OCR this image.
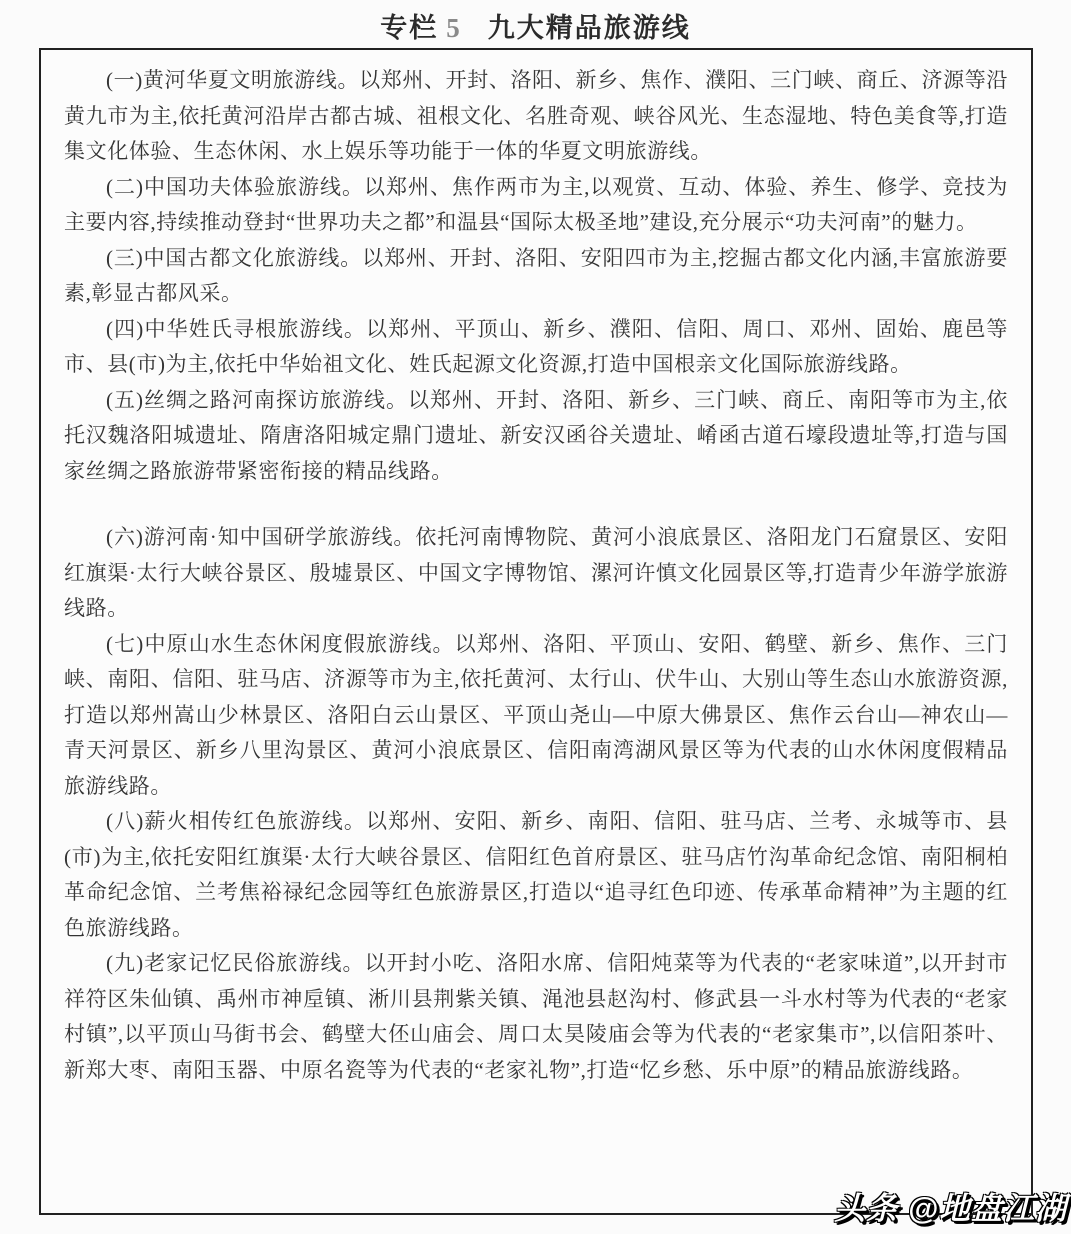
专栏 5 九大精品旅游线

(一)黄河华夏文明旅游线。以郑州、开封、洛阳、新乡、焦作、濮阳、三门峡、商丘、济源等沿黄九市为主,依托黄河沿岸古都古城、祖根文化、名胜奇观、峡谷风光、生态湿地、特色美食等,打造集文化体验、生态休闲、水上娱乐等功能于一体的华夏文明旅游线。

(二)中国功夫体验旅游线。以郑州、焦作两市为主,以观赏、互动、体验、养生、修学、竞技为主要内容,持续推动登封“世界功夫之都”和温县“国际太极圣地”建设,充分展示“功夫河南”的魅力。

(三)中国古都文化旅游线。以郑州、开封、洛阳、安阳四市为主,挖掘古都文化内涵,丰富旅游要素,彰显古都风采。

(四)中华姓氏寻根旅游线。以郑州、平顶山、新乡、濮阳、信阳、周口、邓州、固始、鹿邑等市、县(市)为主,依托中华始祖文化、姓氏起源文化资源,打造中国根亲文化国际旅游线路。

(五)丝绸之路河南探访旅游线。以郑州、开封、洛阳、新乡、三门峡、商丘、南阳等市为主,依托汉魏洛阳城遗址、隋唐洛阳城定鼎门遗址、新安汉函谷关遗址、崤函古道石壕段遗址等,打造与国家丝绸之路旅游带紧密衔接的精品线路。

(六)游河南·知中国研学旅游线。依托河南博物院、黄河小浪底景区、洛阳龙门石窟景区、安阳红旗渠·太行大峡谷景区、殷墟景区、中国文字博物馆、漯河许慎文化园景区等,打造青少年游学旅游线路。

(七)中原山水生态休闲度假旅游线。以郑州、洛阳、平顶山、安阳、鹤壁、新乡、焦作、三门峡、南阳、信阳、驻马店、济源等市为主,依托黄河、太行山、伏牛山、大别山等生态山水旅游资源,打造以郑州嵩山少林景区、洛阳白云山景区、平顶山尧山—中原大佛景区、焦作云台山—神农山—青天河景区、新乡八里沟景区、黄河小浪底景区、信阳南湾湖风景区等为代表的山水休闲度假精品旅游线路。

(八)薪火相传红色旅游线。以郑州、安阳、新乡、南阳、信阳、驻马店、兰考、永城等市、县(市)为主,依托安阳红旗渠·太行大峡谷景区、信阳红色首府景区、驻马店竹沟革命纪念馆、南阳桐柏革命纪念馆、兰考焦裕禄纪念园等红色旅游景区,打造以“追寻红色印迹、传承革命精神”为主题的红色旅游线路。

(九)老家记忆民俗旅游线。以开封小吃、洛阳水席、信阳炖菜等为代表的“老家味道”,以开封市祥符区朱仙镇、禹州市神垕镇、淅川县荆紫关镇、渑池县赵沟村、修武县一斗水村等为代表的“老家村镇”,以平顶山马街书会、鹤壁大伾山庙会、周口太昊陵庙会等为代表的“老家集市”,以信阳茶叶、新郑大枣、南阳玉器、中原名瓷等为代表的“老家礼物”,打造“忆乡愁、乐中原”的精品旅游线路。

头条 @地盘江湖
